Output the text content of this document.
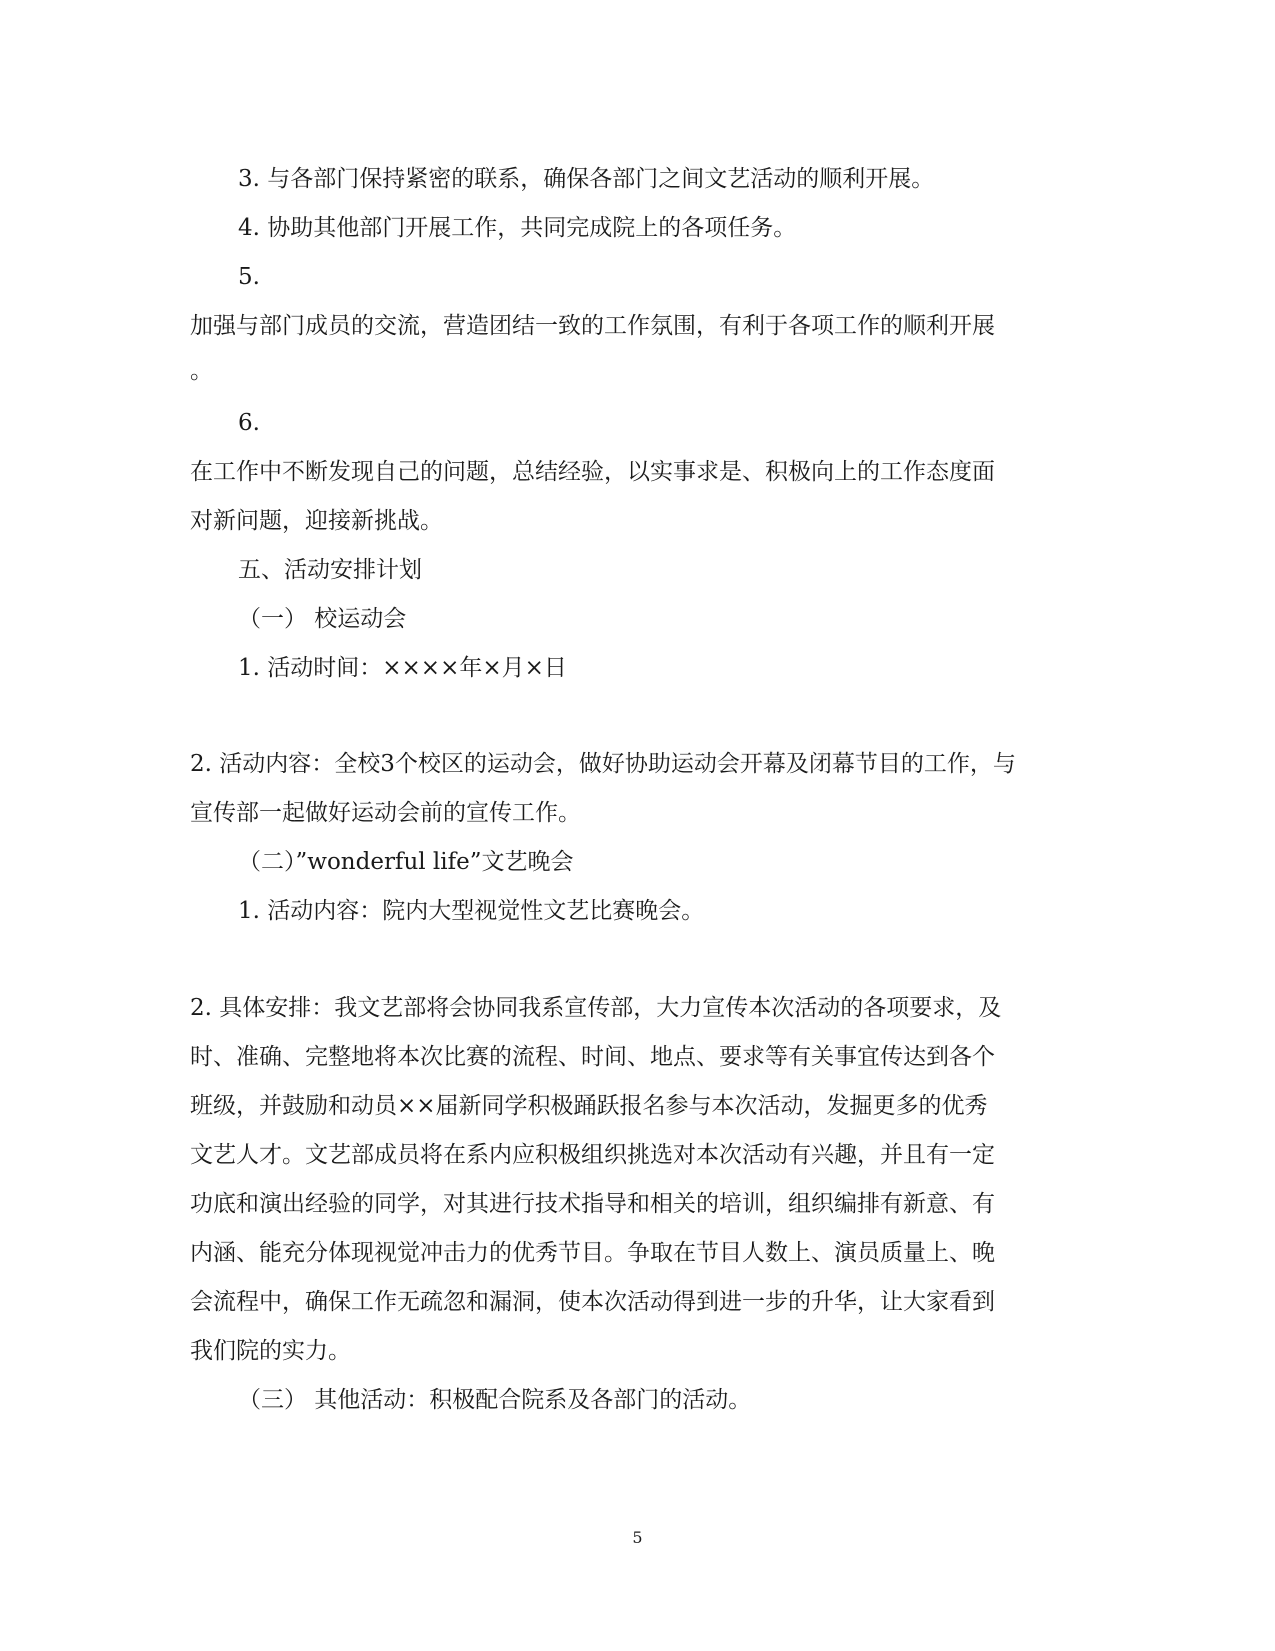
3. 与各部门保持紧密的联系，确保各部门之间文艺活动的顺利开展。

4. 协助其他部门开展工作，共同完成院上的各项任务。

5.

加强与部门成员的交流，营造团结一致的工作氛围，有利于各项工作的顺利开展

。

6.

在工作中不断发现自己的问题，总结经验，以实事求是、积极向上的工作态度面

对新问题，迎接新挑战。

五、活动安排计划

（一） 校运动会

1. 活动时间：××××年×月×日

2. 活动内容：全校3个校区的运动会，做好协助运动会开幕及闭幕节目的工作，与

宣传部一起做好运动会前的宣传工作。

（二）”wonderful life”文艺晚会

1. 活动内容：院内大型视觉性文艺比赛晚会。

2. 具体安排：我文艺部将会协同我系宣传部，大力宣传本次活动的各项要求，及

时、准确、完整地将本次比赛的流程、时间、地点、要求等有关事宜传达到各个

班级，并鼓励和动员××届新同学积极踊跃报名参与本次活动，发掘更多的优秀

文艺人才。文艺部成员将在系内应积极组织挑选对本次活动有兴趣，并且有一定

功底和演出经验的同学，对其进行技术指导和相关的培训，组织编排有新意、有

内涵、能充分体现视觉冲击力的优秀节目。争取在节目人数上、演员质量上、晚

会流程中，确保工作无疏忽和漏洞，使本次活动得到进一步的升华，让大家看到

我们院的实力。

（三） 其他活动：积极配合院系及各部门的活动。

5
